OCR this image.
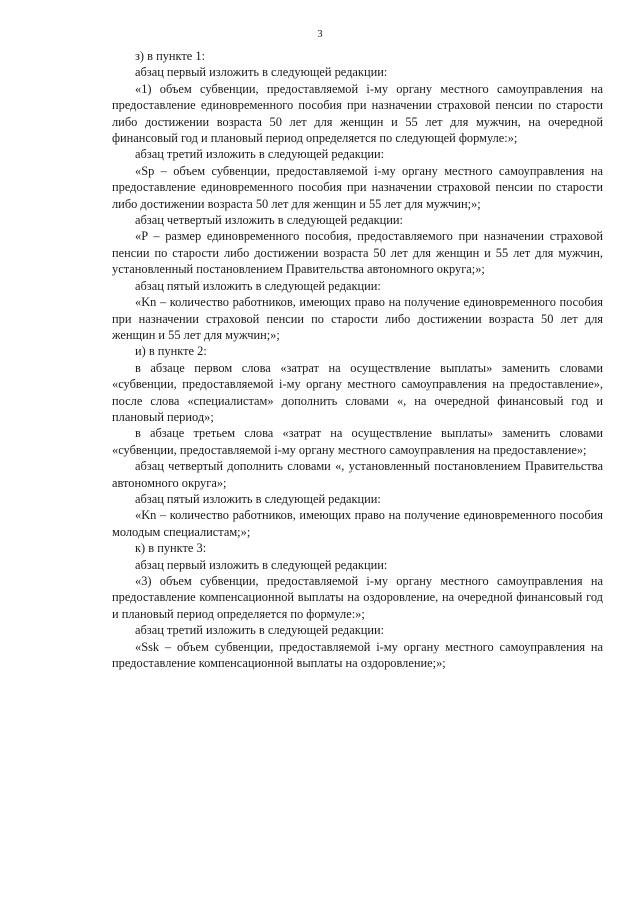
3

з) в пункте 1:

абзац первый изложить в следующей редакции:

«1) объем субвенции, предоставляемой i-му органу местного самоуправления на предоставление единовременного пособия при назначении страховой пенсии по старости либо достижении возраста 50 лет для женщин и 55 лет для мужчин, на очередной финансовый год и плановый период определяется по следующей формуле:»;

абзац третий изложить в следующей редакции:

«Sp – объем субвенции, предоставляемой i-му органу местного самоуправления на предоставление единовременного пособия при назначении страховой пенсии по старости либо достижении возраста 50 лет для женщин и 55 лет для мужчин;»;

абзац четвертый изложить в следующей редакции:

«P – размер единовременного пособия, предоставляемого при назначении страховой пенсии по старости либо достижении возраста 50 лет для женщин и 55 лет для мужчин, установленный постановлением Правительства автономного округа;»;

абзац пятый изложить в следующей редакции:

«Kn – количество работников, имеющих право на получение единовременного пособия при назначении страховой пенсии по старости либо достижении возраста 50 лет для женщин и 55 лет для мужчин;»;

и) в пункте 2:

в абзаце первом слова «затрат на осуществление выплаты» заменить словами «субвенции, предоставляемой i-му органу местного самоуправления на предоставление», после слова «специалистам» дополнить словами «, на очередной финансовый год и плановый период»;

в абзаце третьем слова «затрат на осуществление выплаты» заменить словами «субвенции, предоставляемой i-му органу местного самоуправления на предоставление»;

абзац четвертый дополнить словами «, установленный постановлением Правительства автономного округа»;

абзац пятый изложить в следующей редакции:

«Kn – количество работников, имеющих право на получение единовременного пособия молодым специалистам;»;

к) в пункте 3:

абзац первый изложить в следующей редакции:

«3) объем субвенции, предоставляемой i-му органу местного самоуправления на предоставление компенсационной выплаты на оздоровление, на очередной финансовый год и плановый период определяется по формуле:»;

абзац третий изложить в следующей редакции:

«Ssk – объем субвенции, предоставляемой i-му органу местного самоуправления на предоставление компенсационной выплаты на оздоровление;»;
